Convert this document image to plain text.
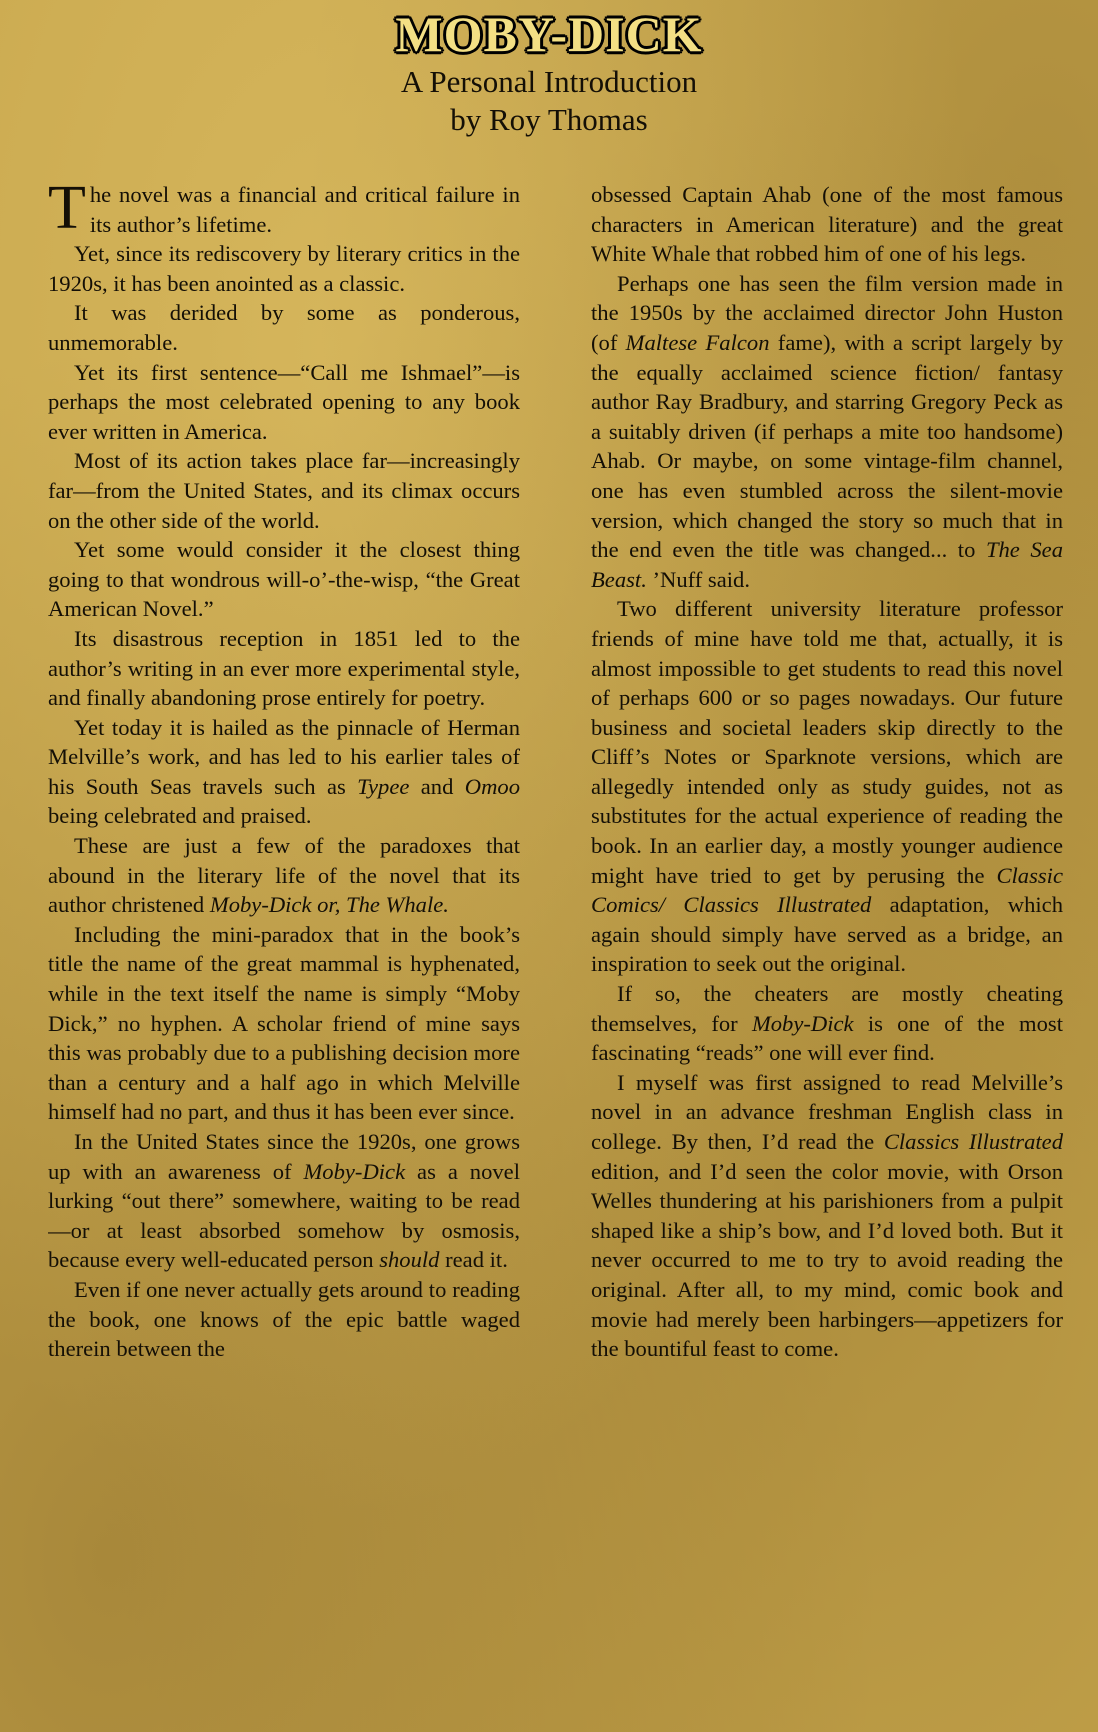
MOBY-DICK
A Personal Introduction
by Roy Thomas

The novel was a financial and critical failure in its author’s lifetime.

Yet, since its rediscovery by literary critics in the 1920s, it has been anointed as a classic.

It was derided by some as ponderous, unmemorable.

Yet its first sentence—“Call me Ishmael”—is perhaps the most celebrated opening to any book ever written in America.

Most of its action takes place far—increasingly far—from the United States, and its climax occurs on the other side of the world.

Yet some would consider it the closest thing going to that wondrous will-o’-the-wisp, “the Great American Novel.”

Its disastrous reception in 1851 led to the author’s writing in an ever more experimental style, and finally abandoning prose entirely for poetry.

Yet today it is hailed as the pinnacle of Herman Melville’s work, and has led to his earlier tales of his South Seas travels such as Typee and Omoo being celebrated and praised.

These are just a few of the paradoxes that abound in the literary life of the novel that its author christened Moby-Dick or, The Whale.

Including the mini-paradox that in the book’s title the name of the great mammal is hyphenated, while in the text itself the name is simply “Moby Dick,” no hyphen. A scholar friend of mine says this was probably due to a publishing decision more than a century and a half ago in which Melville himself had no part, and thus it has been ever since.

In the United States since the 1920s, one grows up with an awareness of Moby-Dick as a novel lurking “out there” somewhere, waiting to be read—or at least absorbed somehow by osmosis, because every well-educated person should read it.

Even if one never actually gets around to reading the book, one knows of the epic battle waged therein between the

obsessed Captain Ahab (one of the most famous characters in American literature) and the great White Whale that robbed him of one of his legs.

Perhaps one has seen the film version made in the 1950s by the acclaimed director John Huston (of Maltese Falcon fame), with a script largely by the equally acclaimed science fiction/ fantasy author Ray Bradbury, and starring Gregory Peck as a suitably driven (if perhaps a mite too handsome) Ahab. Or maybe, on some vintage-film channel, one has even stumbled across the silent-movie version, which changed the story so much that in the end even the title was changed... to The Sea Beast. ’Nuff said.

Two different university literature professor friends of mine have told me that, actually, it is almost impossible to get students to read this novel of perhaps 600 or so pages nowadays. Our future business and societal leaders skip directly to the Cliff’s Notes or Sparknote versions, which are allegedly intended only as study guides, not as substitutes for the actual experience of reading the book. In an earlier day, a mostly younger audience might have tried to get by perusing the Classic Comics/ Classics Illustrated adaptation, which again should simply have served as a bridge, an inspiration to seek out the original.

If so, the cheaters are mostly cheating themselves, for Moby-Dick is one of the most fascinating “reads” one will ever find.

I myself was first assigned to read Melville’s novel in an advance freshman English class in college. By then, I’d read the Classics Illustrated edition, and I’d seen the color movie, with Orson Welles thundering at his parishioners from a pulpit shaped like a ship’s bow, and I’d loved both. But it never occurred to me to try to avoid reading the original. After all, to my mind, comic book and movie had merely been harbingers—appetizers for the bountiful feast to come.
